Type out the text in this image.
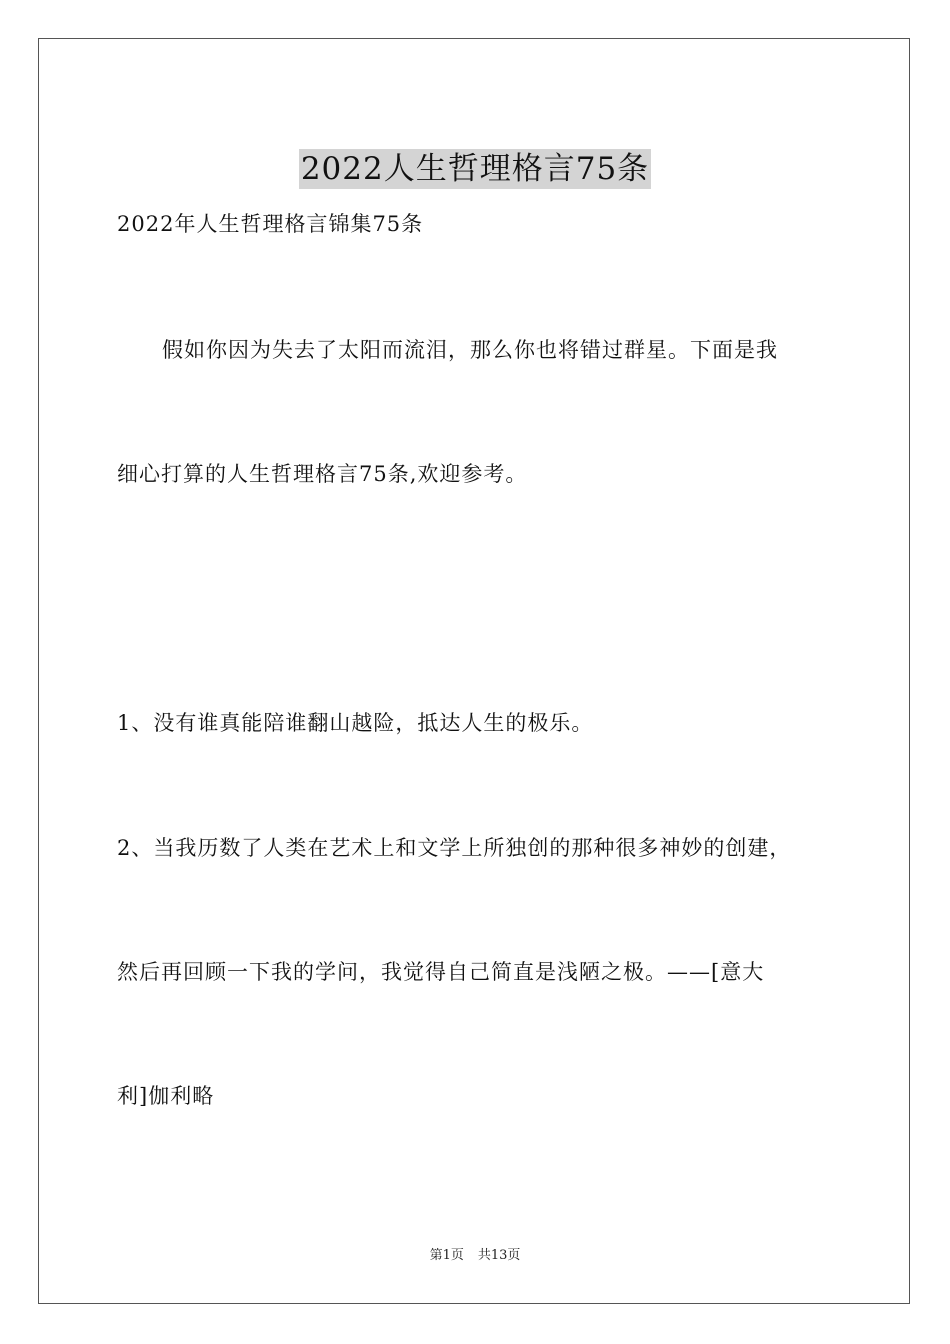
2022人生哲理格言75条
2022年人生哲理格言锦集75条
假如你因为失去了太阳而流泪，那么你也将错过群星。下面是我
细心打算的人生哲理格言75条,欢迎参考。
1、没有谁真能陪谁翻山越险，抵达人生的极乐。
2、当我历数了人类在艺术上和文学上所独创的那种很多神妙的创建，
然后再回顾一下我的学问，我觉得自己简直是浅陋之极。——[意大
利]伽利略
第1页 共13页
